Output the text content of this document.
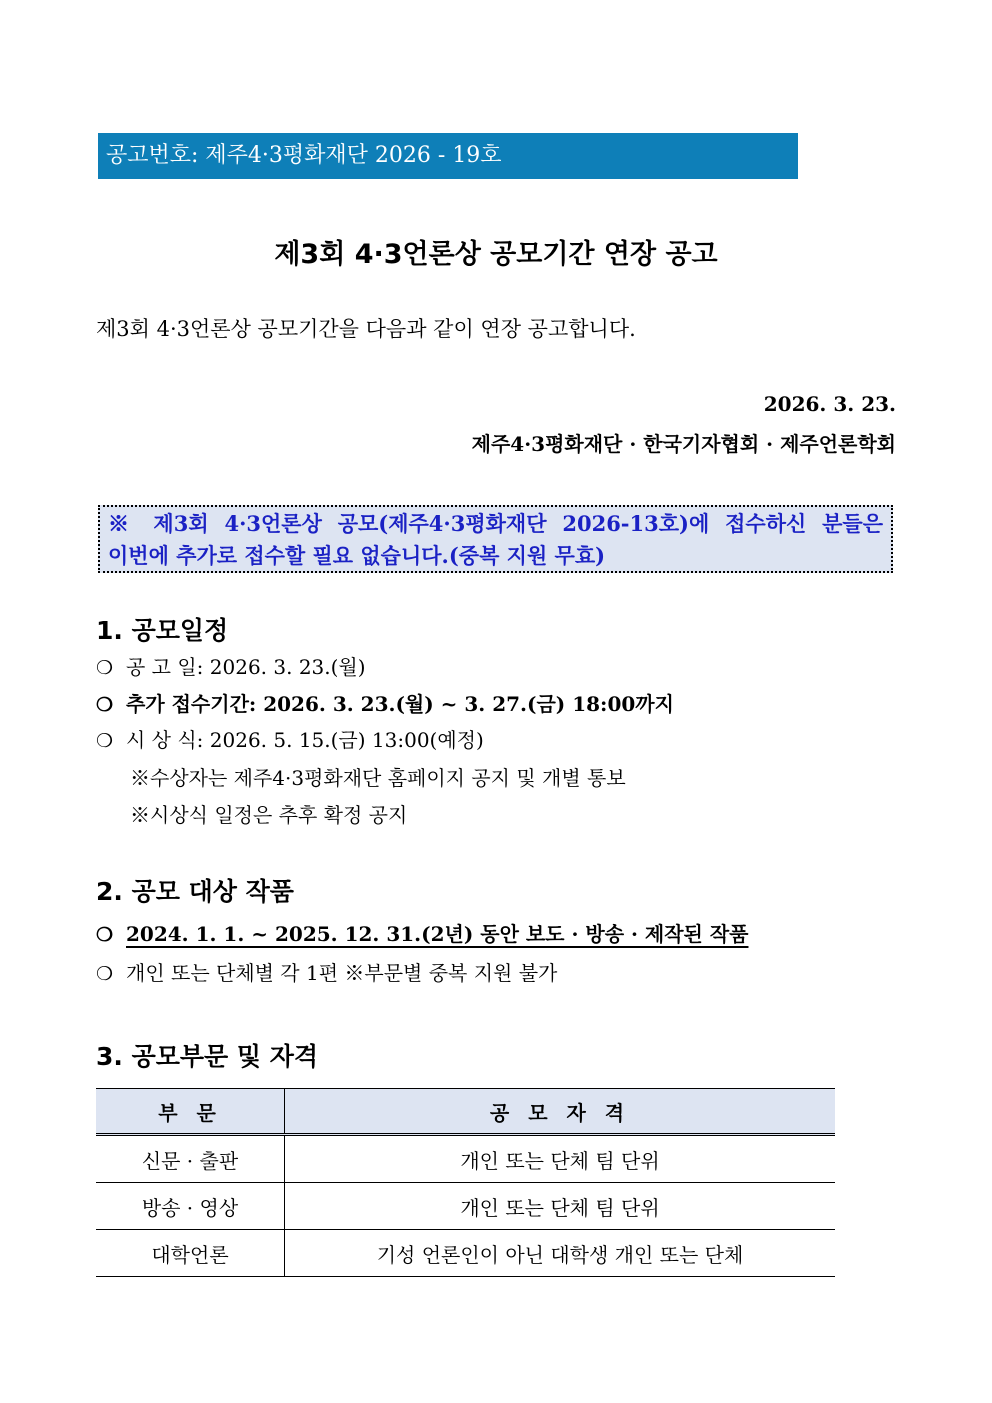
공고번호: 제주4·3평화재단 2026 - 19호
제3회 4·3언론상 공모기간 연장 공고
제3회 4·3언론상 공모기간을 다음과 같이 연장 공고합니다.
2026. 3. 23.
제주4·3평화재단 · 한국기자협회 · 제주언론학회
※ 제3회 4·3언론상 공모(제주4·3평화재단 2026-13호)에 접수하신 분들은
이번에 추가로 접수할 필요 없습니다.(중복 지원 무효)
1. 공모일정
❍ 공 고 일: 2026. 3. 23.(월)
❍ 추가 접수기간: 2026. 3. 23.(월) ~ 3. 27.(금) 18:00까지
❍ 시 상 식: 2026. 5. 15.(금) 13:00(예정)
※수상자는 제주4·3평화재단 홈페이지 공지 및 개별 통보
※시상식 일정은 추후 확정 공지
2. 공모 대상 작품
❍ 2024. 1. 1. ~ 2025. 12. 31.(2년) 동안 보도 · 방송 · 제작된 작품
❍ 개인 또는 단체별 각 1편 ※부문별 중복 지원 불가
3. 공모부문 및 자격
부 문	공 모 자 격
신문 · 출판	개인 또는 단체 팀 단위
방송 · 영상	개인 또는 단체 팀 단위
대학언론	기성 언론인이 아닌 대학생 개인 또는 단체
